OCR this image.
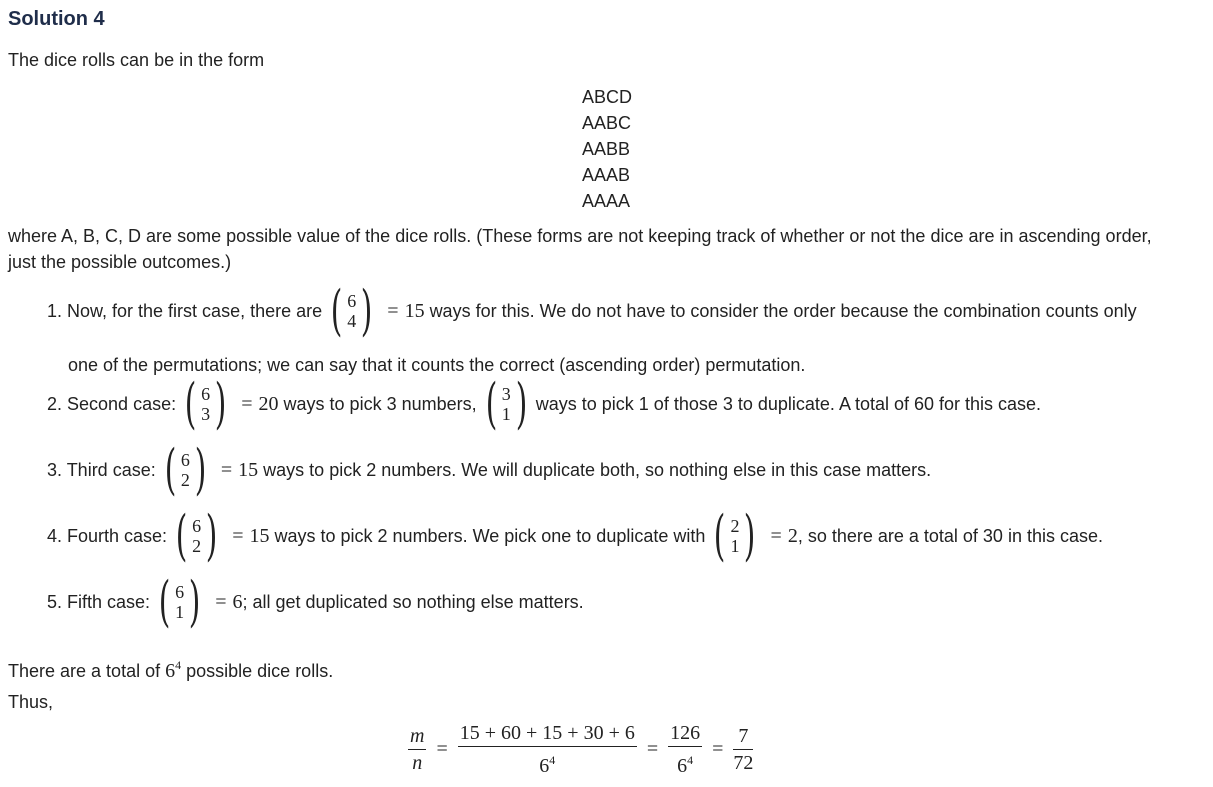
Solution 4

The dice rolls can be in the form

ABCD
AABC
AABB
AAAB
AAAA

where A, B, C, D are some possible value of the dice rolls. (These forms are not keeping track of whether or not the dice are in ascending order,

just the possible outcomes.)

1. Now, for the first case, there are ( 6
4 ) = 15 ways for this. We do not have to consider the order because the combination counts only

one of the permutations; we can say that it counts the correct (ascending order) permutation.

2. Second case: ( 6
3 ) = 20 ways to pick 3 numbers, ( 3
1 ) ways to pick 1 of those 3 to duplicate. A total of 60 for this case.
3. Third case: ( 6
2 ) = 15 ways to pick 2 numbers. We will duplicate both, so nothing else in this case matters.
4. Fourth case: ( 6
2 ) = 15 ways to pick 2 numbers. We pick one to duplicate with ( 2
1 ) = 2 , so there are a total of 30 in this case.
5. Fifth case: ( 6
1 ) = 6 ; all get duplicated so nothing else matters.

There are a total of $6^4$ possible dice rolls.

Thus,

$\frac{m}{n} = \frac{15 + 60 + 15 + 30 + 6}{6^4} = \frac{126}{6^4} = \frac{7}{72}$
